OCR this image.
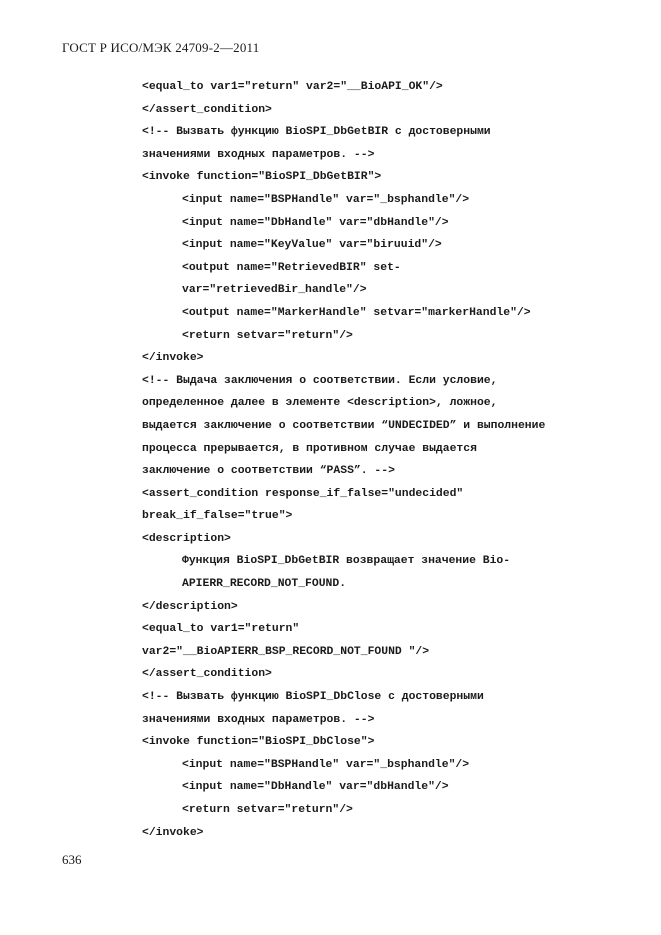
ГОСТ Р ИСО/МЭК 24709-2—2011
<equal_to var1="return" var2="__BioAPI_OK"/>
</assert_condition>
<!-- Вызвать функцию BioSPI_DbGetBIR с достоверными
значениями входных параметров. -->
<invoke function="BioSPI_DbGetBIR">
<input name="BSPHandle" var="_bsphandle"/>
<input name="DbHandle" var="dbHandle"/>
<input name="KeyValue" var="biruuid"/>
<output name="RetrievedBIR" set-
var="retrievedBir_handle"/>
<output name="MarkerHandle" setvar="markerHandle"/>
<return setvar="return"/>
</invoke>
<!-- Выдача заключения о соответствии. Если условие,
определенное далее в элементе <description>, ложное,
выдается заключение о соответствии “UNDECIDED” и выполнение
процесса прерывается, в противном случае выдается
заключение о соответствии “PASS”. -->
<assert_condition response_if_false="undecided"
break_if_false="true">
<description>
Функция BioSPI_DbGetBIR возвращает значение Bio-
APIERR_RECORD_NOT_FOUND.
</description>
<equal_to var1="return"
var2="__BioAPIERR_BSP_RECORD_NOT_FOUND "/>
</assert_condition>
<!-- Вызвать функцию BioSPI_DbClose с достоверными
значениями входных параметров. -->
<invoke function="BioSPI_DbClose">
<input name="BSPHandle" var="_bsphandle"/>
<input name="DbHandle" var="dbHandle"/>
<return setvar="return"/>
</invoke>
636
